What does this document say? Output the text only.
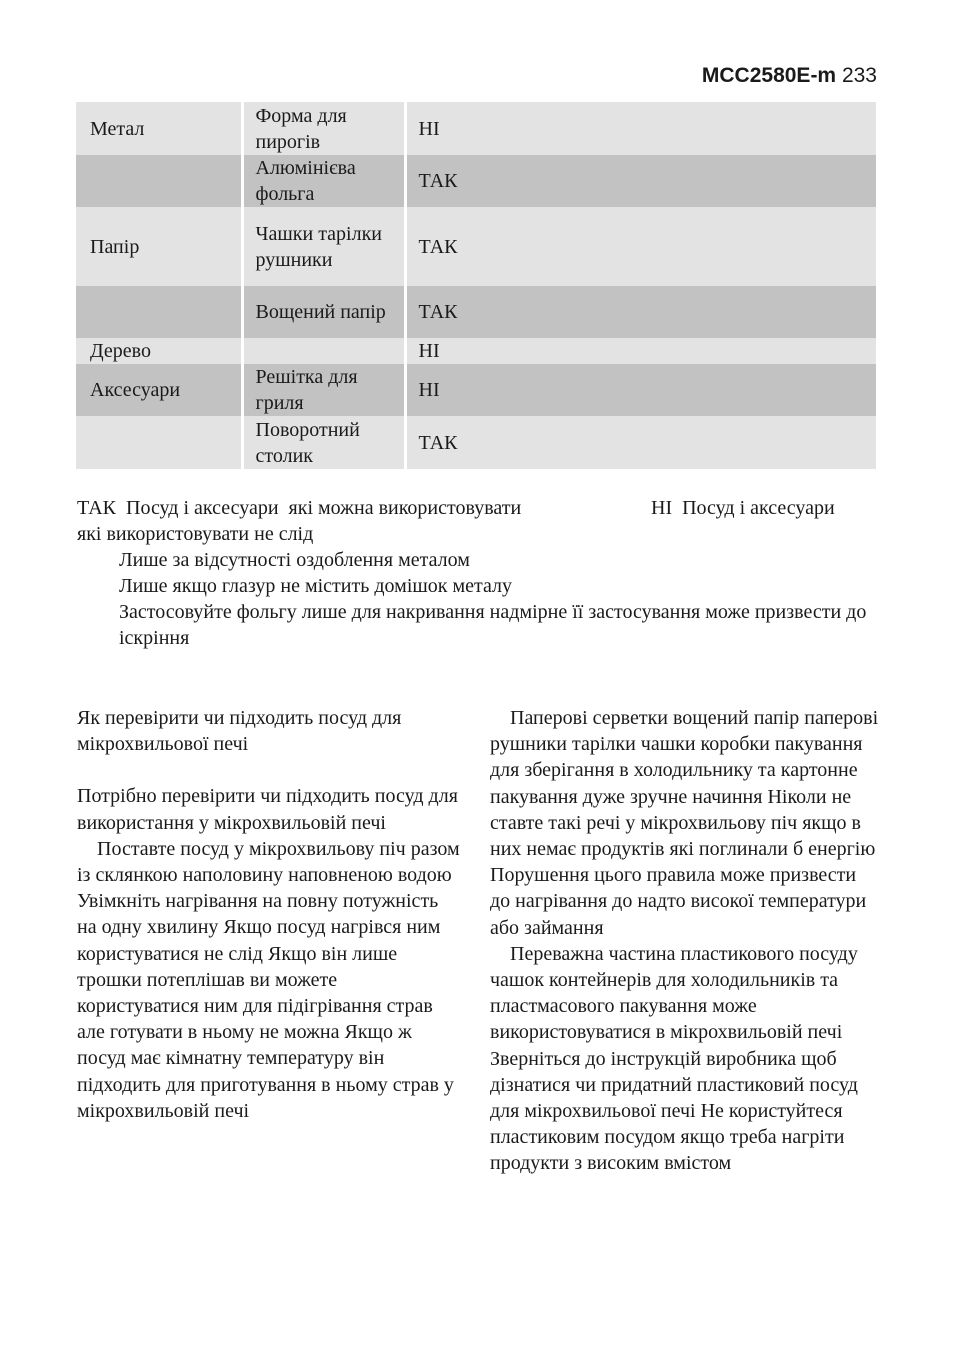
MCC2580E-m 233
Метал	Форма для пирогів	НІ
	Алюмінієва фольга	ТАК
Папір	Чашки тарілки рушники	ТАК
	Вощений папір	ТАК
Дерево		НІ
Аксесуари	Решітка для гриля	НІ
	Поворотний столик	ТАК
ТАК  Посуд і аксесуари  які можна використовувати	НІ  Посуд і аксесуари
які використовувати не слід
Лише за відсутності оздоблення металом
Лише якщо глазур не містить домішок металу
Застосовуйте фольгу лише для накривання надмірне її застосування може призвести до іскріння

Як перевірити чи підходить посуд для мікрохвильової печі

Потрібно перевірити чи підходить посуд для використання у мікрохвильовій печі

Поставте посуд у мікрохвильову піч разом із склянкою наполовину наповненою водою Увімкніть нагрівання на повну потужність на одну хвилину Якщо посуд нагрівся ним користуватися не слід Якщо він лише трошки потеплішав ви можете користуватися ним для підігрівання страв але готувати в ньому не можна Якщо ж посуд має кімнатну температуру він підходить для приготування в ньому страв у мікрохвильовій печі

Паперові серветки вощений папір паперові рушники тарілки чашки коробки пакування для зберігання в холодильнику та картонне пакування дуже зручне начиння Ніколи не ставте такі речі у мікрохвильову піч якщо в них немає продуктів які поглинали б енергію Порушення цього правила може призвести до нагрівання до надто високої температури або займання

Переважна частина пластикового посуду чашок контейнерів для холодильників та пластмасового пакування може використовуватися в мікрохвильовій печі Зверніться до інструкцій виробника щоб дізнатися чи придатний пластиковий посуд для мікрохвильової печі Не користуйтеся пластиковим посудом якщо треба нагріти продукти з високим вмістом
